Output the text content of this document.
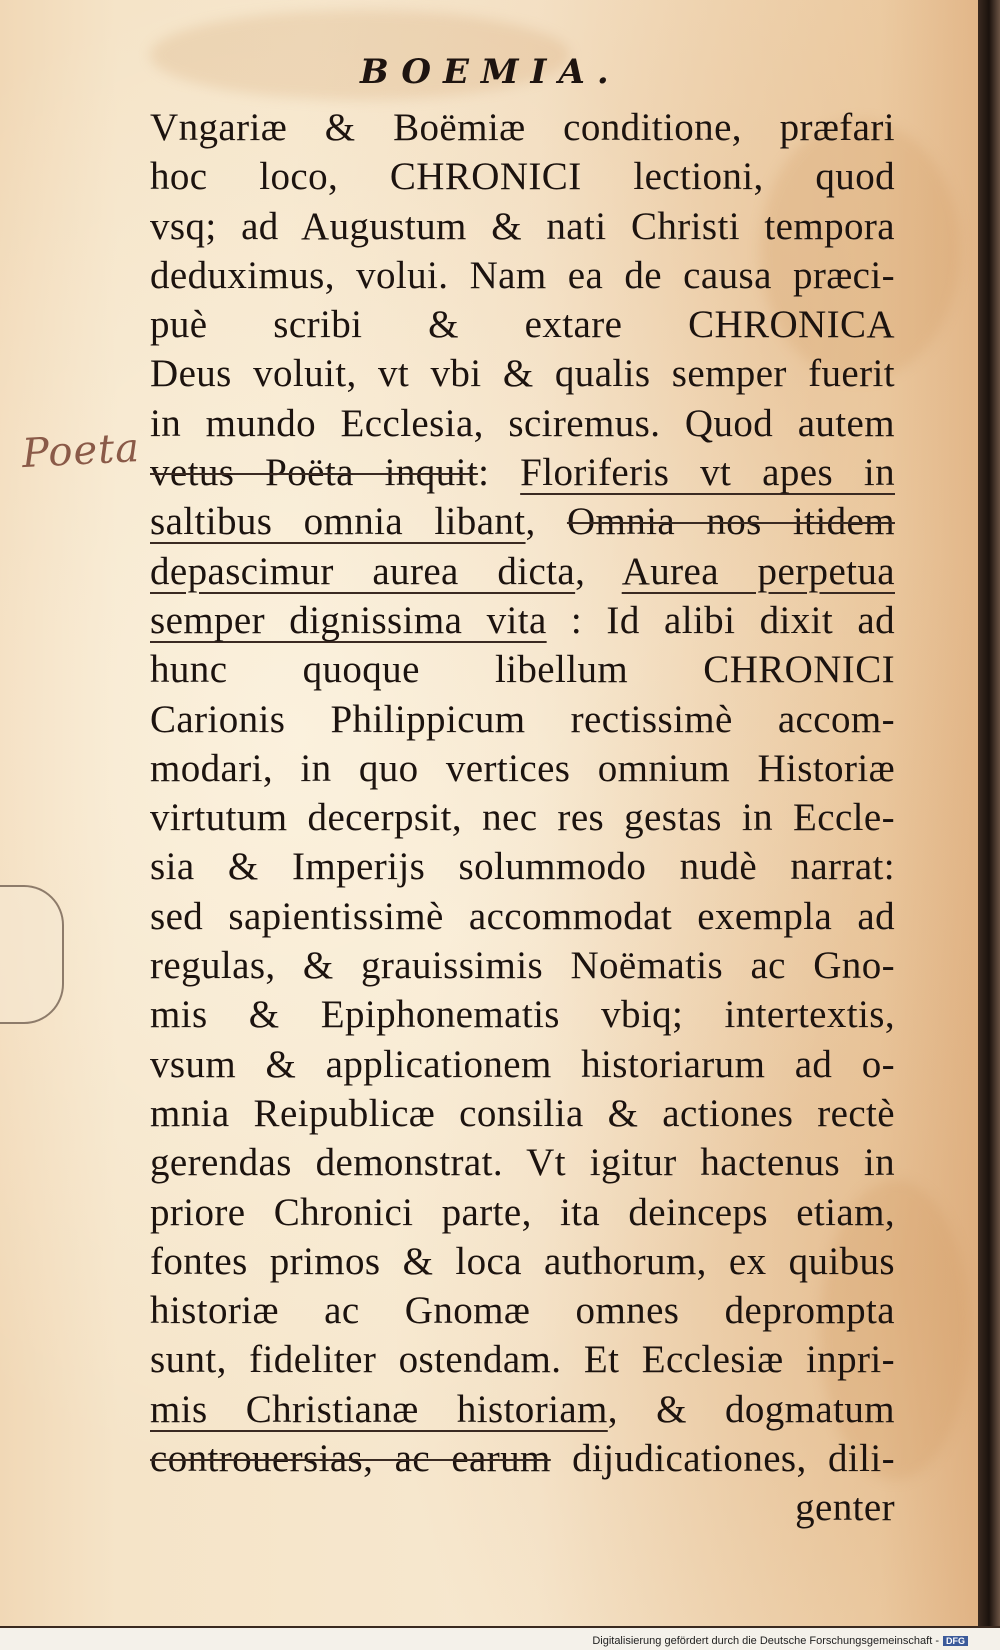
BOEMIA.
Poeta
Vngariæ & Boëmiæ conditione, præfari
hoc loco, CHRONICI lectioni, quod
vsq; ad Augustum & nati Christi tempora
deduximus, volui. Nam ea de causa præci-
puè scribi & extare CHRONICA
Deus voluit, vt vbi & qualis semper fuerit
in mundo Ecclesia, sciremus. Quod autem
vetus Poëta inquit: Floriferis vt apes in
saltibus omnia libant, Omnia nos itidem
depascimur aurea dicta, Aurea perpetua
semper dignissima vita : Id alibi dixit ad
hunc quoque libellum CHRONICI
Carionis Philippicum rectissimè accom-
modari, in quo vertices omnium Historiæ
virtutum decerpsit, nec res gestas in Eccle-
sia & Imperijs solummodo nudè narrat:
sed sapientissimè accommodat exempla ad
regulas, & grauissimis Noëmatis ac Gno-
mis & Epiphonematis vbiq; intertextis,
vsum & applicationem historiarum ad o-
mnia Reipublicæ consilia & actiones rectè
gerendas demonstrat. Vt igitur hactenus in
priore Chronici parte, ita deinceps etiam,
fontes primos & loca authorum, ex quibus
historiæ ac Gnomæ omnes deprompta
sunt, fideliter ostendam. Et Ecclesiæ inpri-
mis Christianæ historiam, & dogmatum
controuersias, ac earum dijudicationes, dili-
genter
Digitalisierung gefördert durch die Deutsche Forschungsgemeinschaft - DFG
